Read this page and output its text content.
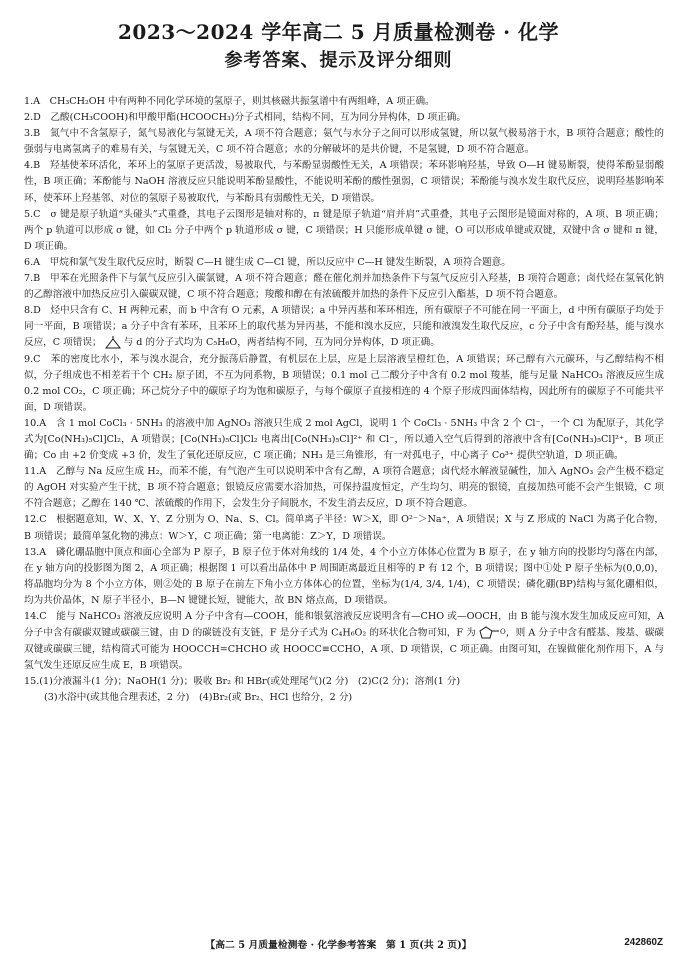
2023～2024 学年高二 5 月质量检测卷 · 化学
参考答案、提示及评分细则

1.A　CH₃CH₂OH 中有两种不同化学环境的氢原子，则其核磁共振氢谱中有两组峰，A 项正确。

2.D　乙酸(CH₃COOH)和甲酸甲酯(HCOOCH₃)分子式相同，结构不同，互为同分异构体，D 项正确。

3.B　氮气中不含氢原子，氮气易液化与氢键无关，A 项不符合题意；氨气与水分子之间可以形成氢键，所以氨气极易溶于水，B 项符合题意；酸性的强弱与电离氢离子的难易有关，与氢键无关，C 项不符合题意；水的分解破坏的是共价键，不是氢键，D 项不符合题意。

4.B　羟基使苯环活化，苯环上的氢原子更活泼，易被取代，与苯酚显弱酸性无关，A 项错误；苯环影响羟基，导致 O—H 键易断裂，使得苯酚显弱酸性，B 项正确；苯酚能与 NaOH 溶液反应只能说明苯酚显酸性，不能说明苯酚的酸性强弱，C 项错误；苯酚能与溴水发生取代反应，说明羟基影响苯环，使苯环上羟基邻、对位的氢原子易被取代，与苯酚具有弱酸性无关，D 项错误。

5.C　σ 键是原子轨道“头碰头”式重叠，其电子云图形是轴对称的，π 键是原子轨道“肩并肩”式重叠，其电子云图形是镜面对称的，A 项、B 项正确；两个 p 轨道可以形成 σ 键，如 Cl₂ 分子中两个 p 轨道形成 σ 键，C 项错误；H 只能形成单键 σ 键，O 可以形成单键或双键，双键中含 σ 键和 π 键，D 项正确。

6.A　甲烷和氯气发生取代反应时，断裂 C—H 键生成 C—Cl 键，所以反应中 C—H 键发生断裂，A 项符合题意。

7.B　甲苯在光照条件下与氯气反应引入碳氯键，A 项不符合题意；醛在催化剂并加热条件下与氢气反应引入羟基，B 项符合题意；卤代烃在氢氧化钠的乙醇溶液中加热反应引入碳碳双键，C 项不符合题意；羧酸和醇在有浓硫酸并加热的条件下反应引入酯基，D 项不符合题意。

8.D　烃中只含有 C、H 两种元素，而 b 中含有 O 元素，A 项错误；a 中异丙基和苯环相连，所有碳原子不可能在同一平面上，d 中所有碳原子均处于同一平面，B 项错误；a 分子中含有苯环，且苯环上的取代基为异丙基，不能和溴水反应，只能和液溴发生取代反应，c 分子中含有酚羟基，能与溴水反应，C 项错误； 与 d 的分子式均为 C₅H₆O，两者结构不同，互为同分异构体，D 项正确。

9.C　苯的密度比水小，苯与溴水混合，充分振荡后静置，有机层在上层，应是上层溶液呈橙红色，A 项错误；环己醇有六元碳环，与乙醇结构不相似，分子组成也不相差若干个 CH₂ 原子团，不互为同系物，B 项错误；0.1 mol 己二酸分子中含有 0.2 mol 羧基，能与足量 NaHCO₃ 溶液反应生成 0.2 mol CO₂，C 项正确；环己烷分子中的碳原子均为饱和碳原子，与每个碳原子直接相连的 4 个原子形成四面体结构，因此所有的碳原子不可能共平面，D 项错误。

10.A　含 1 mol CoCl₃ · 5NH₃ 的溶液中加 AgNO₃ 溶液只生成 2 mol AgCl，说明 1 个 CoCl₃ · 5NH₃ 中含 2 个 Cl⁻，一个 Cl 为配原子，其化学式为[Co(NH₃)₅Cl]Cl₂，A 项错误；[Co(NH₃)₅Cl]Cl₂ 电离出[Co(NH₃)₅Cl]²⁺ 和 Cl⁻，所以通入空气后得到的溶液中含有[Co(NH₃)₅Cl]²⁺，B 项正确；Co 由 +2 价变成 +3 价，发生了氧化还原反应，C 项正确；NH₃ 是三角锥形，有一对孤电子，中心离子 Co³⁺ 提供空轨道，D 项正确。

11.A　乙醇与 Na 反应生成 H₂，而苯不能，有气泡产生可以说明苯中含有乙醇，A 项符合题意；卤代烃水解液显碱性，加入 AgNO₃ 会产生极不稳定的 AgOH 对实验产生干扰，B 项不符合题意；银镜反应需要水浴加热，可保持温度恒定，产生均匀、明亮的银镜，直接加热可能不会产生银镜，C 项不符合题意；乙醇在 140 ℃、浓硫酸的作用下，会发生分子间脱水，不发生消去反应，D 项不符合题意。

12.C　根据题意知，W、X、Y、Z 分别为 O、Na、S、Cl。简单离子半径：W＞X，即 O²⁻＞Na⁺，A 项错误；X 与 Z 形成的 NaCl 为离子化合物，B 项错误；最简单氢化物的沸点：W＞Y，C 项正确；第一电离能：Z＞Y，D 项错误。

13.A　磷化硼晶胞中顶点和面心全部为 P 原子，B 原子位于体对角线的 1/4 处，4 个小立方体体心位置为 B 原子，在 y 轴方向的投影均匀落在内部，在 y 轴方向的投影图为图 2，A 项正确；根据图 1 可以看出晶体中 P 周围距离最近且相等的 P 有 12 个，B 项错误；图中①处 P 原子坐标为(0,0,0)，将晶胞均分为 8 个小立方体，则②处的 B 原子在前左下角小立方体体心的位置，坐标为(1/4, 3/4, 1/4)，C 项错误；磷化硼(BP)结构与氮化硼相似，均为共价晶体，N 原子半径小，B—N 键键长短，键能大，故 BN 熔点高，D 项错误。

14.C　能与 NaHCO₃ 溶液反应说明 A 分子中含有—COOH，能和银氨溶液反应说明含有—CHO 或—OOCH，由 B 能与溴水发生加成反应可知，A 分子中含有碳碳双键或碳碳三键，由 D 的碳链没有支链，F 是分子式为 C₄H₆O₂ 的环状化合物可知，F 为	O ，则 A 分子中含有醛基、羧基、碳碳双键或碳碳三键，结构简式可能为 HOOCCH=CHCHO 或 HOOCC≡CCHO，A 项、D 项错误，C 项正确。由图可知，在镍做催化剂作用下，A 与氢气发生还原反应生成 E，B 项错误。

15.(1)分液漏斗(1 分)；NaOH(1 分)；吸收 Br₂ 和 HBr(或处理尾气)(2 分)　(2)C(2 分)；溶剂(1 分)
(3)水浴中(或其他合理表述，2 分)　(4)Br₂(或 Br₂、HCl 也给分，2 分)

【高二 5 月质量检测卷 · 化学参考答案　第 1 页(共 2 页)】	242860Z
